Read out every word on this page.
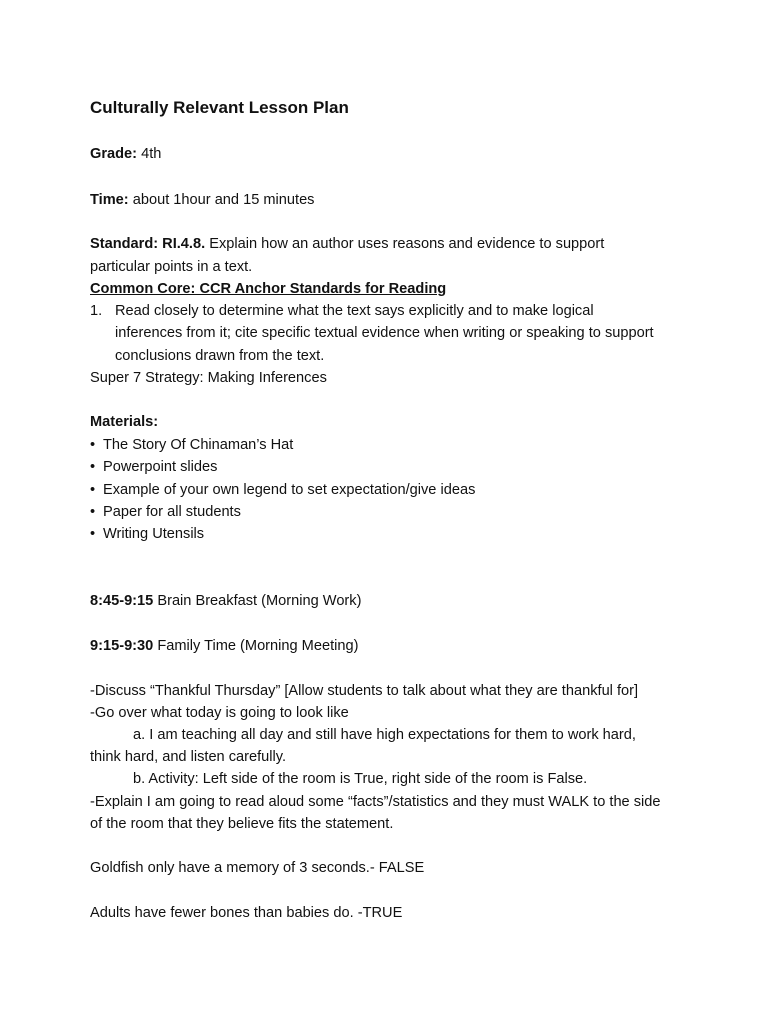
Culturally Relevant Lesson Plan
Grade: 4th
Time: about 1hour and 15 minutes
Standard: RI.4.8. Explain how an author uses reasons and evidence to support
particular points in a text.
Common Core: CCR Anchor Standards for Reading
1. Read closely to determine what the text says explicitly and to make logical
inferences from it; cite specific textual evidence when writing or speaking to support
conclusions drawn from the text.
Super 7 Strategy: Making Inferences
Materials:
• The Story Of Chinaman’s Hat
• Powerpoint slides
• Example of your own legend to set expectation/give ideas
• Paper for all students
• Writing Utensils
8:45-9:15 Brain Breakfast (Morning Work)
9:15-9:30 Family Time (Morning Meeting)
-Discuss “Thankful Thursday” [Allow students to talk about what they are thankful for]
-Go over what today is going to look like
a. I am teaching all day and still have high expectations for them to work hard,
think hard, and listen carefully.
b. Activity: Left side of the room is True, right side of the room is False.
-Explain I am going to read aloud some “facts”/statistics and they must WALK to the side
of the room that they believe fits the statement.
Goldfish only have a memory of 3 seconds.- FALSE
Adults have fewer bones than babies do. -TRUE
